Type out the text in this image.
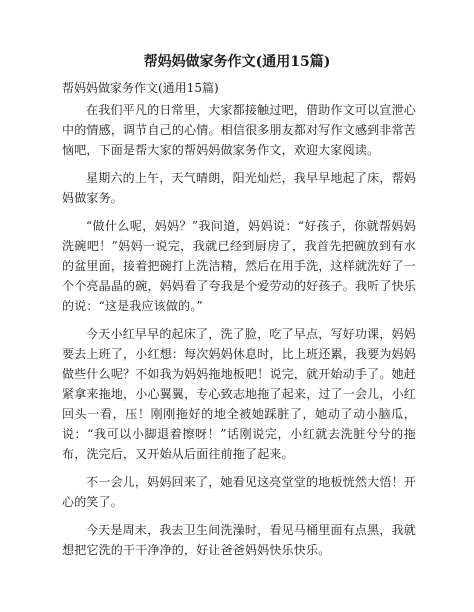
帮妈妈做家务作文(通用15篇)

帮妈妈做家务作文(通用15篇)

在我们平凡的日常里，大家都接触过吧，借助作文可以宣泄心中的情感，调节自己的心情。相信很多朋友都对写作文感到非常苦恼吧，下面是帮大家的帮妈妈做家务作文，欢迎大家阅读。

星期六的上午，天气晴朗，阳光灿烂，我早早地起了床，帮妈妈做家务。

“做什么呢，妈妈？”我问道，妈妈说：“好孩子，你就帮妈妈洗碗吧！”妈妈一说完，我就已经到厨房了，我首先把碗放到有水的盆里面，接着把碗打上洗洁精，然后在用手洗，这样就洗好了一个个亮晶晶的碗，妈妈看了夸我是个爱劳动的好孩子。我听了快乐的说：“这是我应该做的。”

今天小红早早的起床了，洗了脸，吃了早点，写好功课，妈妈要去上班了，小红想：每次妈妈休息时，比上班还累，我要为妈妈做些什么呢？不如我为妈妈拖地板吧！说完，就开始动手了。她赶紧拿来拖地，小心翼翼，专心致志地拖了起来，过了一会儿，小红回头一看，压！刚刚拖好的地全被她踩脏了，她动了动小脑瓜，说：“我可以小脚退着擦呀！”话刚说完，小红就去洗脏兮兮的拖布，洗完后，又开始从后面往前拖了起来。

不一会儿，妈妈回来了，她看见这亮堂堂的地板恍然大悟！开心的笑了。

今天是周末，我去卫生间洗澡时，看见马桶里面有点黑，我就想把它洗的干干净净的，好让爸爸妈妈快乐快乐。
